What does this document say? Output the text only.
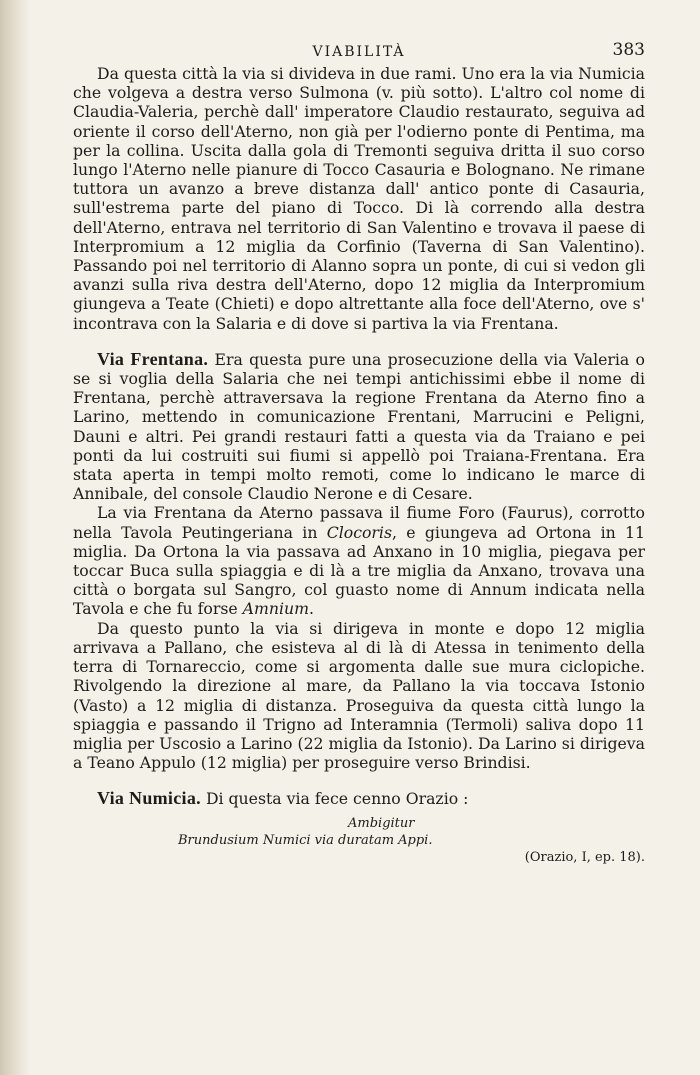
VIABILITÀ	383

Da questa città la via si divideva in due rami. Uno era la via Numicia che volgeva a destra verso Sulmona (v. più sotto). L'altro col nome di Claudia-Valeria, perchè dall' imperatore Claudio restaurato, seguiva ad oriente il corso dell'Aterno, non già per l'odierno ponte di Pentima, ma per la collina. Uscita dalla gola di Tremonti seguiva dritta il suo corso lungo l'Aterno nelle pianure di Tocco Casauria e Bolognano. Ne rimane tuttora un avanzo a breve distanza dall' antico ponte di Casauria, sull'estrema parte del piano di Tocco. Di là correndo alla destra dell'Aterno, entrava nel territorio di San Valentino e trovava il paese di Interpromium a 12 miglia da Corfinio (Taverna di San Valentino). Passando poi nel territorio di Alanno sopra un ponte, di cui si vedon gli avanzi sulla riva destra dell'Aterno, dopo 12 miglia da Interpromium giungeva a Teate (Chieti) e dopo altrettante alla foce dell'Aterno, ove s' incontrava con la Salaria e di dove si partiva la via Frentana.

Via Frentana. Era questa pure una prosecuzione della via Valeria o se si voglia della Salaria che nei tempi antichissimi ebbe il nome di Frentana, perchè attraversava la regione Frentana da Aterno fino a Larino, mettendo in comunicazione Frentani, Marrucini e Peligni, Dauni e altri. Pei grandi restauri fatti a questa via da Traiano e pei ponti da lui costruiti sui fiumi si appellò poi Traiana-Frentana. Era stata aperta in tempi molto remoti, come lo indicano le marce di Annibale, del console Claudio Nerone e di Cesare.

La via Frentana da Aterno passava il fiume Foro (Faurus), corrotto nella Tavola Peutingeriana in Clocoris, e giungeva ad Ortona in 11 miglia. Da Ortona la via passava ad Anxano in 10 miglia, piegava per toccar Buca sulla spiaggia e di là a tre miglia da Anxano, trovava una città o borgata sul Sangro, col guasto nome di Annum indicata nella Tavola e che fu forse Amnium.

Da questo punto la via si dirigeva in monte e dopo 12 miglia arrivava a Pallano, che esisteva al di là di Atessa in tenimento della terra di Tornareccio, come si argomenta dalle sue mura ciclopiche. Rivolgendo la direzione al mare, da Pallano la via toccava Istonio (Vasto) a 12 miglia di distanza. Proseguiva da questa città lungo la spiaggia e passando il Trigno ad Interamnia (Termoli) saliva dopo 11 miglia per Uscosio a Larino (22 miglia da Istonio). Da Larino si dirigeva a Teano Appulo (12 miglia) per proseguire verso Brindisi.

Via Numicia. Di questa via fece cenno Orazio :

Ambigitur
Brundusium Numici via duratam Appi.
(Orazio, I, ep. 18).
